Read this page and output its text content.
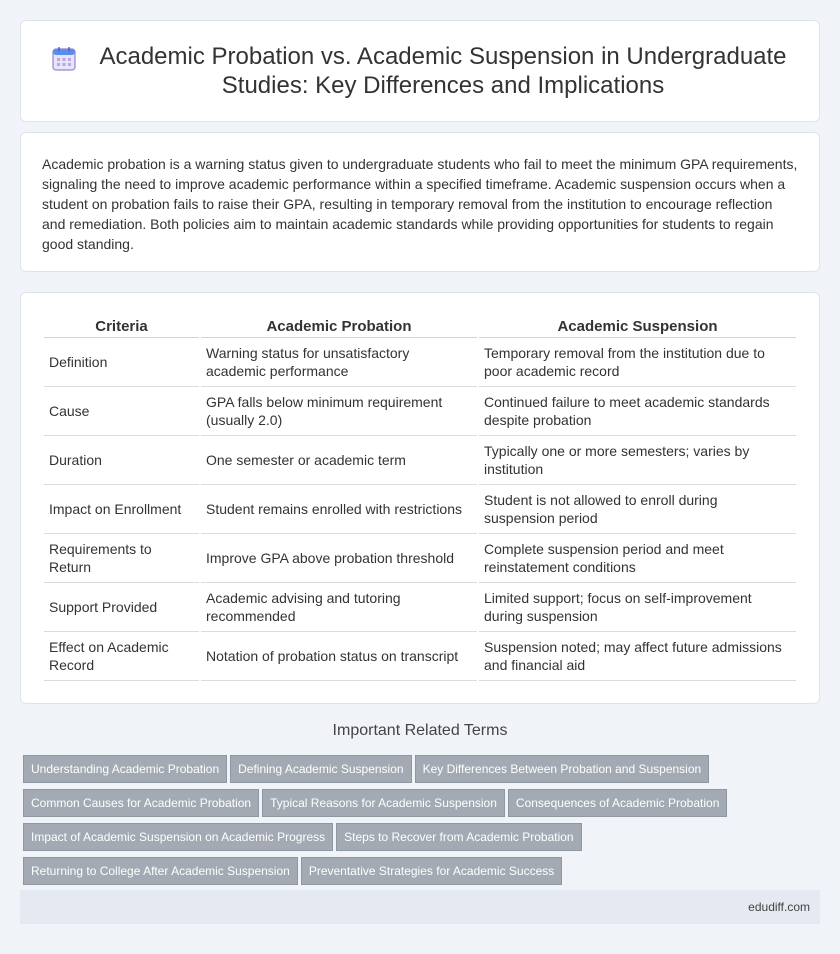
Academic Probation vs. Academic Suspension in Undergraduate Studies: Key Differences and Implications

Academic probation is a warning status given to undergraduate students who fail to meet the minimum GPA requirements, signaling the need to improve academic performance within a specified timeframe. Academic suspension occurs when a student on probation fails to raise their GPA, resulting in temporary removal from the institution to encourage reflection and remediation. Both policies aim to maintain academic standards while providing opportunities for students to regain good standing.

Criteria	Academic Probation	Academic Suspension
Definition	Warning status for unsatisfactory academic performance	Temporary removal from the institution due to poor academic record
Cause	GPA falls below minimum requirement (usually 2.0)	Continued failure to meet academic standards despite probation
Duration	One semester or academic term	Typically one or more semesters; varies by institution
Impact on Enrollment	Student remains enrolled with restrictions	Student is not allowed to enroll during suspension period
Requirements to Return	Improve GPA above probation threshold	Complete suspension period and meet reinstatement conditions
Support Provided	Academic advising and tutoring recommended	Limited support; focus on self-improvement during suspension
Effect on Academic Record	Notation of probation status on transcript	Suspension noted; may affect future admissions and financial aid
Important Related Terms
Understanding Academic Probation Defining Academic Suspension Key Differences Between Probation and Suspension
Common Causes for Academic Probation Typical Reasons for Academic Suspension Consequences of Academic Probation
Impact of Academic Suspension on Academic Progress Steps to Recover from Academic Probation
Returning to College After Academic Suspension Preventative Strategies for Academic Success
edudiff.com
